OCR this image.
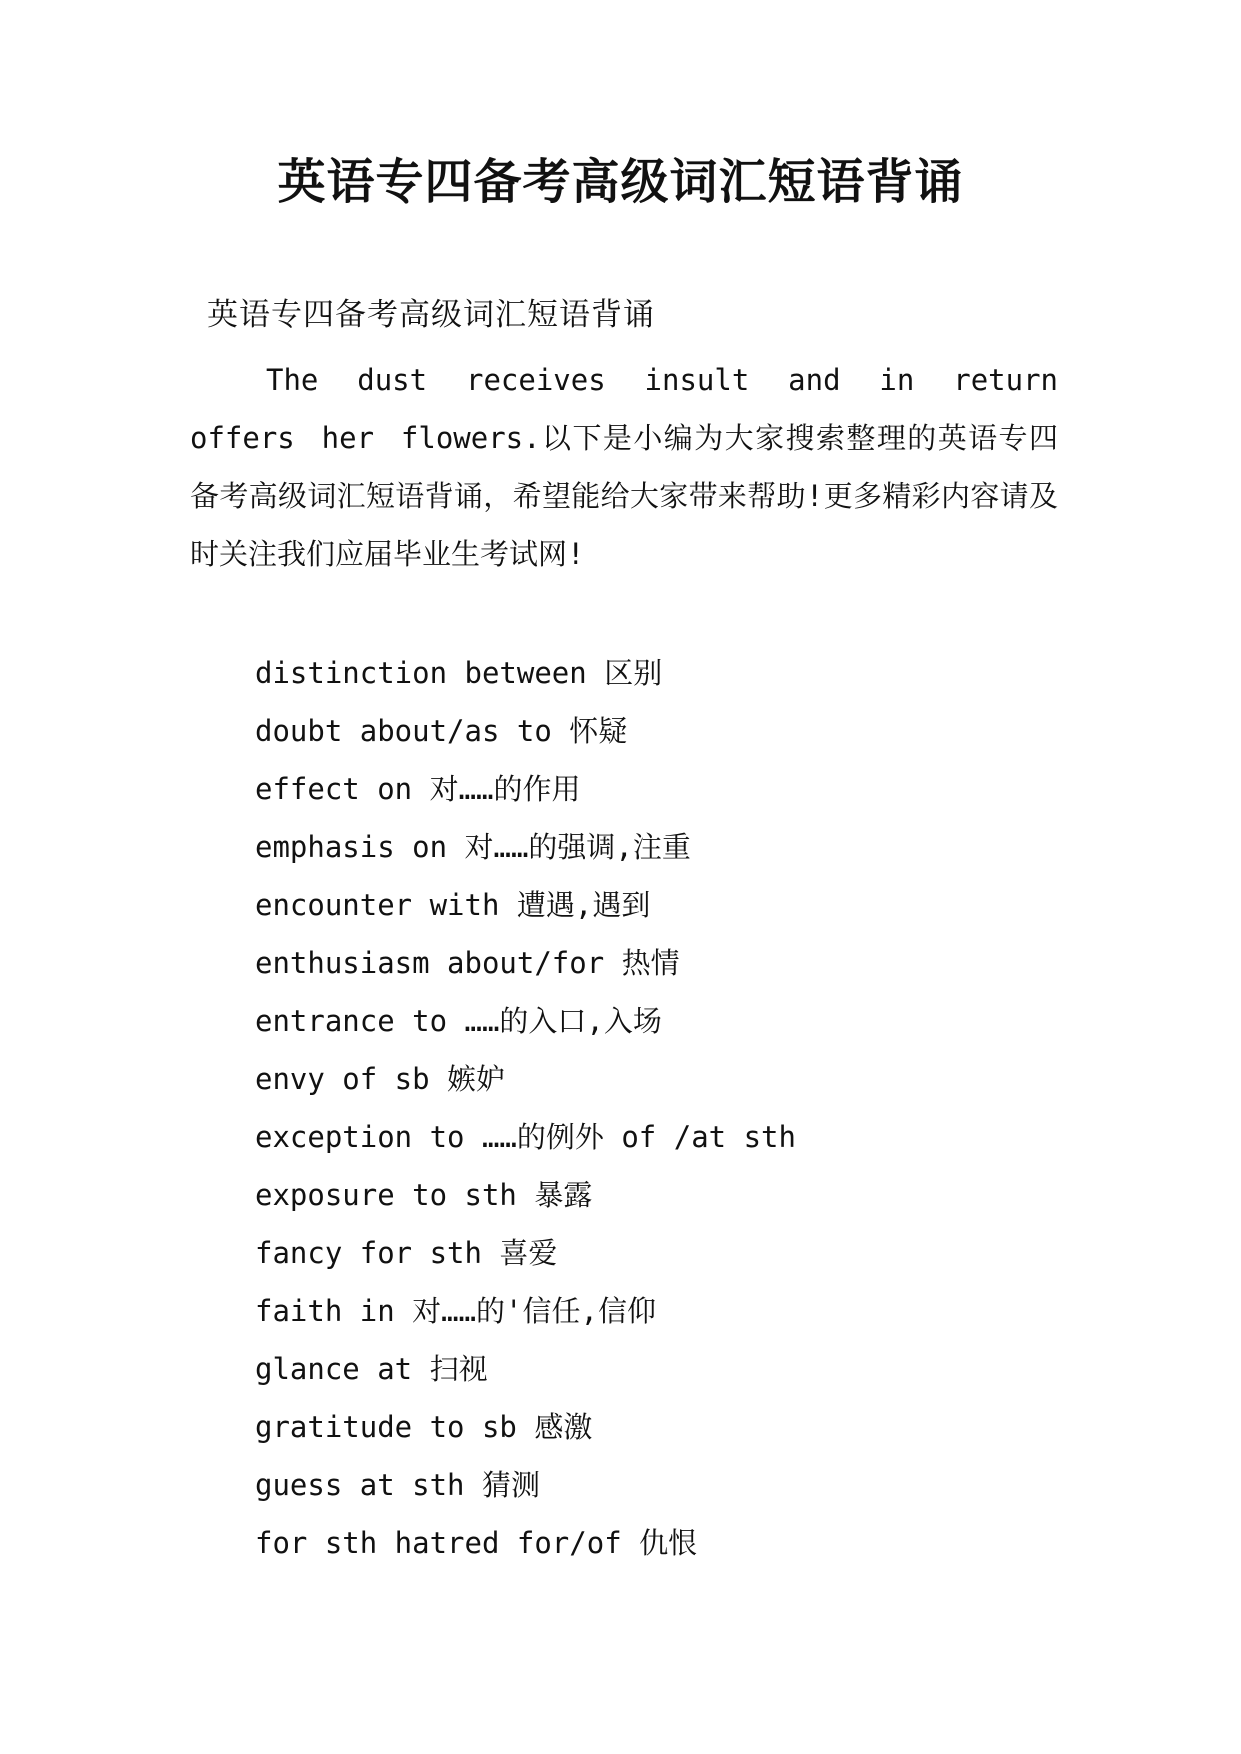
英语专四备考高级词汇短语背诵
英语专四备考高级词汇短语背诵
The dust receives insult and in return offers her flowers.以下是小编为大家搜索整理的英语专四备考高级词汇短语背诵，希望能给大家带来帮助!更多精彩内容请及时关注我们应届毕业生考试网!
distinction between 区别
doubt about/as to 怀疑
effect on 对……的作用
emphasis on 对……的强调,注重
encounter with 遭遇,遇到
enthusiasm about/for 热情
entrance to ……的入口,入场
envy of sb 嫉妒
exception to ……的例外 of /at sth
exposure to sth 暴露
fancy for sth 喜爱
faith in 对……的'信任,信仰
glance at 扫视
gratitude to sb 感激
guess at sth 猜测
for sth hatred for/of 仇恨
